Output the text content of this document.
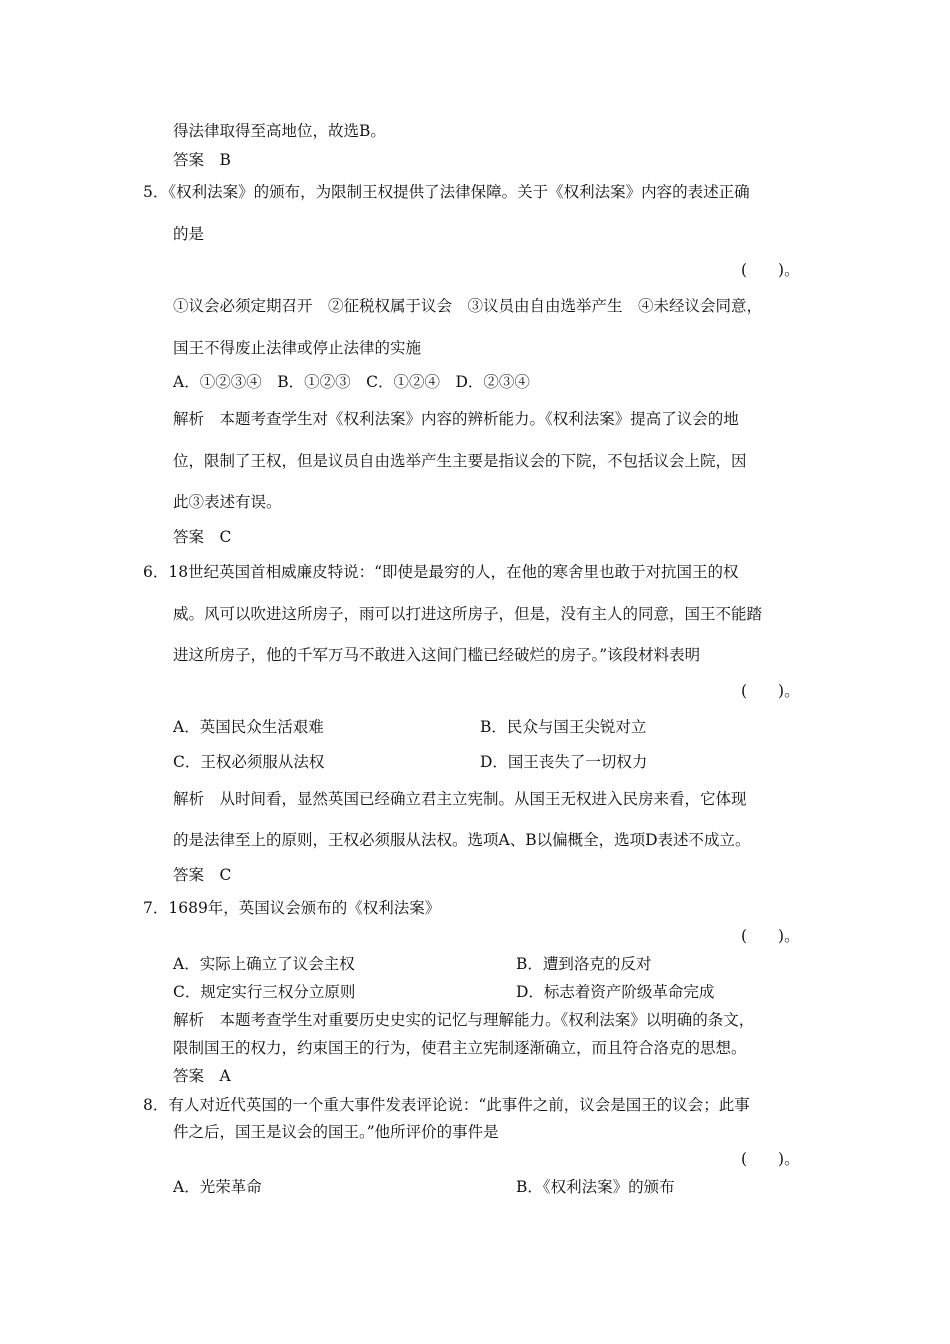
得法律取得至高地位，故选B。
答案　B
5．《权利法案》的颁布，为限制王权提供了法律保障。关于《权利法案》内容的表述正确
的是
(　　)。
①议会必须定期召开　②征税权属于议会　③议员由自由选举产生　④未经议会同意，
国王不得废止法律或停止法律的实施
A．①②③④　B．①②③　C．①②④　D．②③④
解析　本题考查学生对《权利法案》内容的辨析能力。《权利法案》提高了议会的地
位，限制了王权，但是议员自由选举产生主要是指议会的下院，不包括议会上院，因
此③表述有误。
答案　C
6．18世纪英国首相威廉皮特说：“即使是最穷的人，在他的寒舍里也敢于对抗国王的权
威。风可以吹进这所房子，雨可以打进这所房子，但是，没有主人的同意，国王不能踏
进这所房子，他的千军万马不敢进入这间门槛已经破烂的房子。”该段材料表明
(　　)。
A．英国民众生活艰难	B．民众与国王尖锐对立
C．王权必须服从法权	D．国王丧失了一切权力
解析　从时间看，显然英国已经确立君主立宪制。从国王无权进入民房来看，它体现
的是法律至上的原则，王权必须服从法权。选项A、B以偏概全，选项D表述不成立。
答案　C
7．1689年，英国议会颁布的《权利法案》
(　　)。
A．实际上确立了议会主权	B．遭到洛克的反对
C．规定实行三权分立原则	D．标志着资产阶级革命完成
解析　本题考查学生对重要历史史实的记忆与理解能力。《权利法案》以明确的条文，
限制国王的权力，约束国王的行为，使君主立宪制逐渐确立，而且符合洛克的思想。
答案　A
8．有人对近代英国的一个重大事件发表评论说：“此事件之前，议会是国王的议会；此事
件之后，国王是议会的国王。”他所评价的事件是
(　　)。
A．光荣革命	B．《权利法案》的颁布
